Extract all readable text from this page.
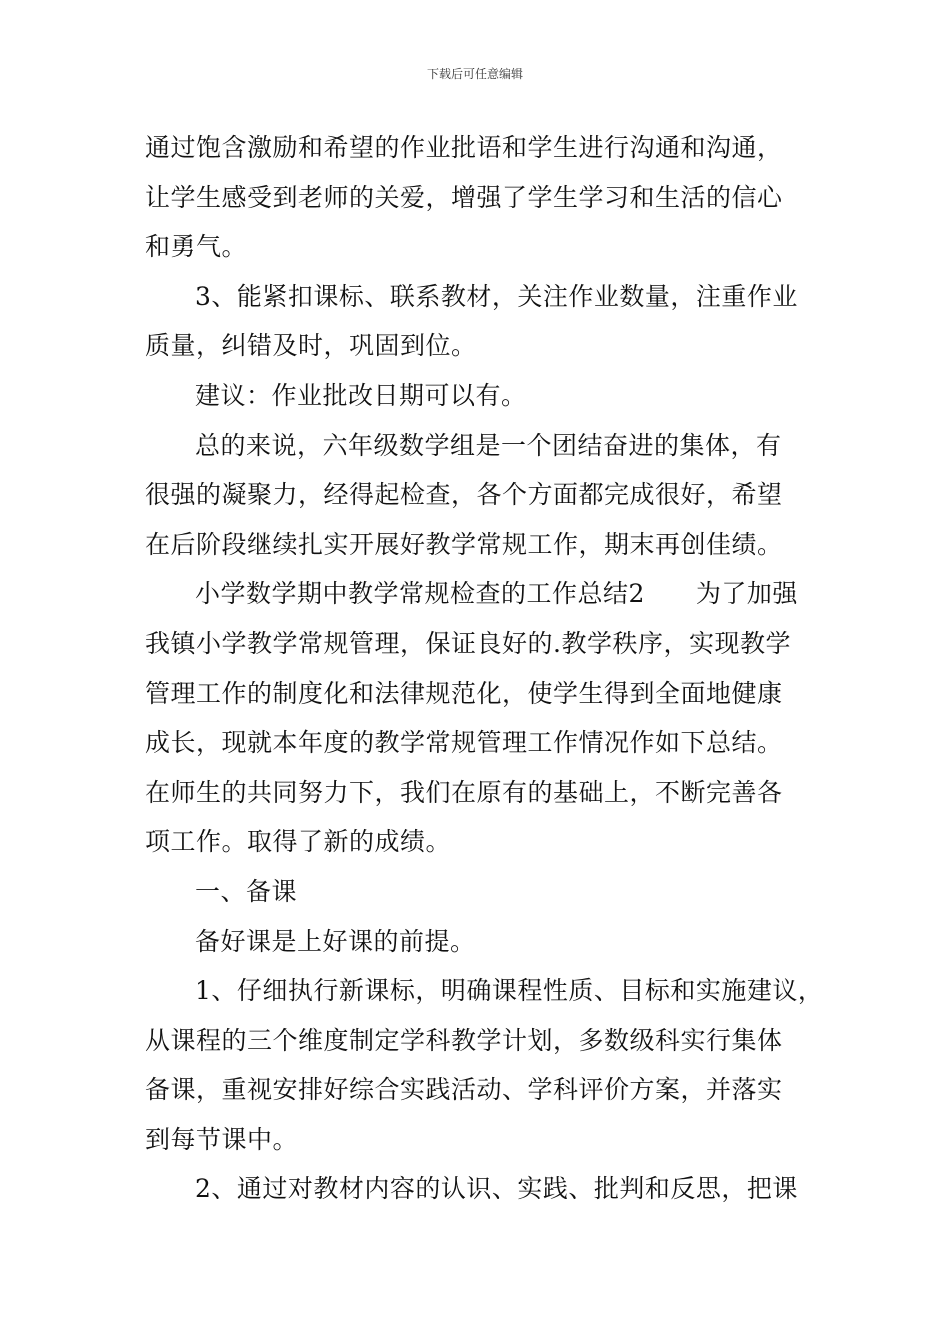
下载后可任意编辑
通过饱含激励和希望的作业批语和学生进行沟通和沟通，
让学生感受到老师的关爱，增强了学生学习和生活的信心
和勇气。
3、能紧扣课标、联系教材，关注作业数量，注重作业
质量，纠错及时，巩固到位。
建议：作业批改日期可以有。
总的来说，六年级数学组是一个团结奋进的集体，有
很强的凝聚力，经得起检查，各个方面都完成很好，希望
在后阶段继续扎实开展好教学常规工作，期末再创佳绩。
小学数学期中教学常规检查的工作总结2　　为了加强
我镇小学教学常规管理，保证良好的.教学秩序，实现教学
管理工作的制度化和法律规范化，使学生得到全面地健康
成长，现就本年度的教学常规管理工作情况作如下总结。
在师生的共同努力下，我们在原有的基础上，不断完善各
项工作。取得了新的成绩。
一、备课
备好课是上好课的前提。
1、仔细执行新课标，明确课程性质、目标和实施建议，
从课程的三个维度制定学科教学计划，多数级科实行集体
备课，重视安排好综合实践活动、学科评价方案，并落实
到每节课中。
2、通过对教材内容的认识、实践、批判和反思，把课
